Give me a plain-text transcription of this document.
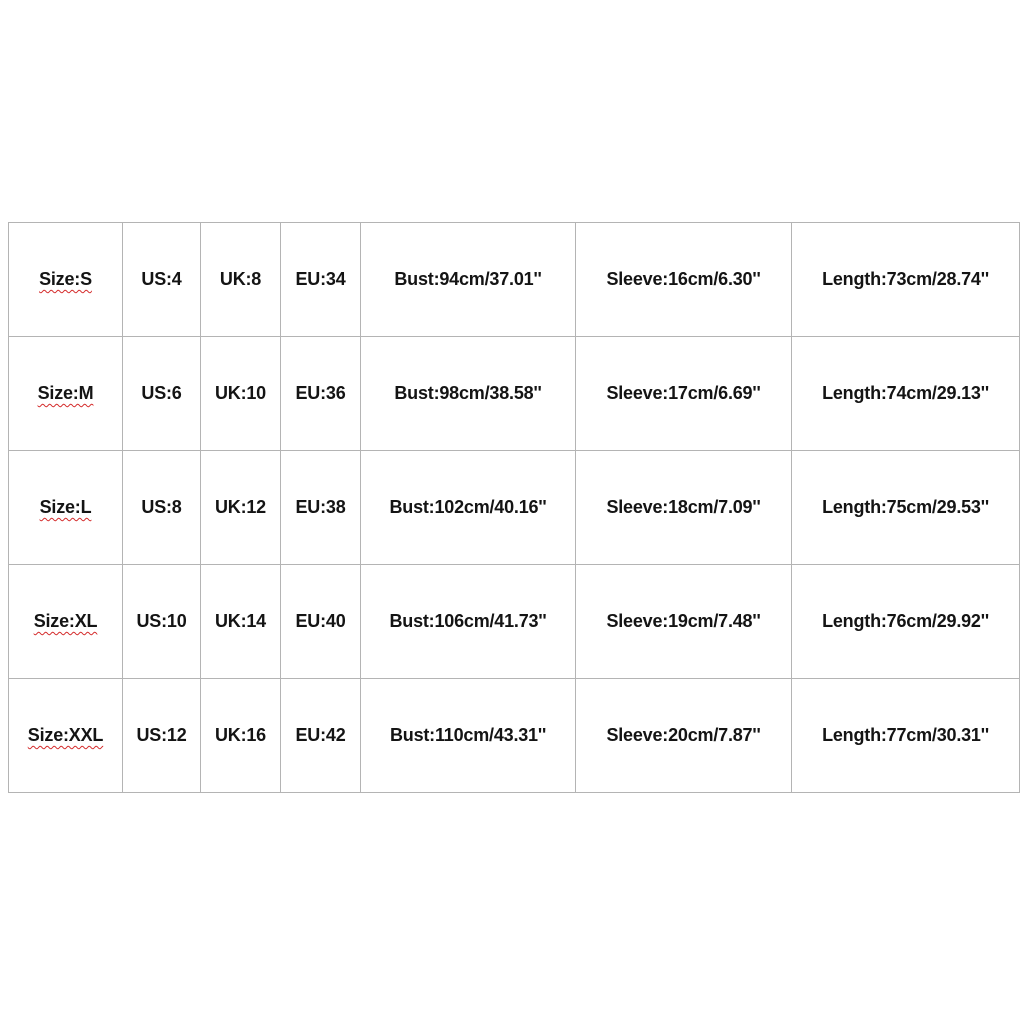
Size:S	US:4	UK:8	EU:34	Bust:94cm/37.01''	Sleeve:16cm/6.30''	Length:73cm/28.74''
Size:M	US:6	UK:10	EU:36	Bust:98cm/38.58''	Sleeve:17cm/6.69''	Length:74cm/29.13''
Size:L	US:8	UK:12	EU:38	Bust:102cm/40.16''	Sleeve:18cm/7.09''	Length:75cm/29.53''
Size:XL	US:10	UK:14	EU:40	Bust:106cm/41.73''	Sleeve:19cm/7.48''	Length:76cm/29.92''
Size:XXL	US:12	UK:16	EU:42	Bust:110cm/43.31''	Sleeve:20cm/7.87''	Length:77cm/30.31''
